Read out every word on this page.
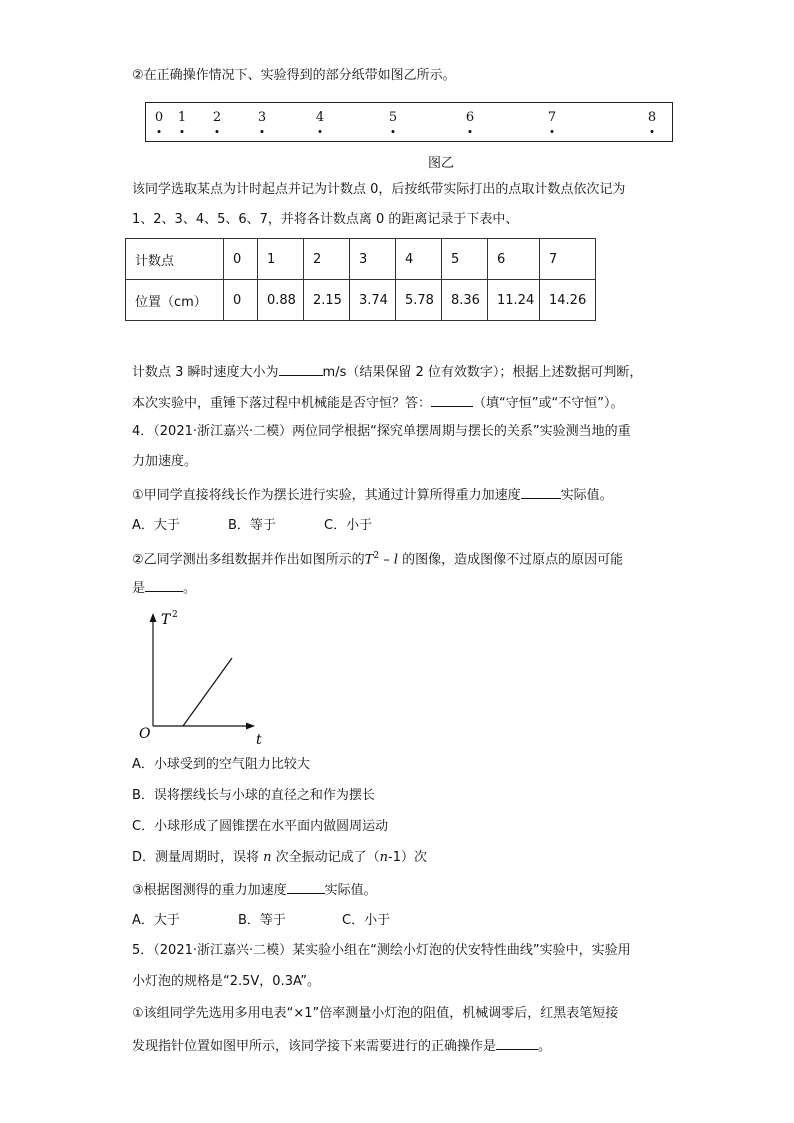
②在正确操作情况下、实验得到的部分纸带如图乙所示。
0 1 2	3	4	5	6	7	8
图乙
该同学选取某点为计时起点并记为计数点 0，后按纸带实际打出的点取计数点依次记为
1、2、3、4、5、6、7，并将各计数点离 0 的距离记录于下表中、
计数点	0	1	2	3	4	5	6	7
位置（cm）	0	0.88	2.15	3.74	5.78	8.36	11.24	14.26
计数点 3 瞬时速度大小为	m/s（结果保留 2 位有效数字）；根据上述数据可判断，
本次实验中，重锤下落过程中机械能是否守恒？答：	（填“守恒”或“不守恒”）。
4．（2021·浙江嘉兴·二模）两位同学根据“探究单摆周期与摆长的关系”实验测当地的重
力加速度。
①甲同学直接将线长作为摆长进行实验，其通过计算所得重力加速度	实际值。
A．大于	B．等于	C．小于
②乙同学测出多组数据并作出如图所示的$T^2$ – l 的图像，造成图像不过原点的原因可能
是	。
T 2
t
O
A．小球受到的空气阻力比较大
B．误将摆线长与小球的直径之和作为摆长
C．小球形成了圆锥摆在水平面内做圆周运动
D．测量周期时，误将 n 次全振动记成了（n-1）次
③根据图测得的重力加速度	实际值。
A．大于	B．等于	C．小于
5．（2021·浙江嘉兴·二模）某实验小组在“测绘小灯泡的伏安特性曲线”实验中，实验用
小灯泡的规格是“2.5V，0.3A”。
①该组同学先选用多用电表“×1”倍率测量小灯泡的阻值，机械调零后，红黑表笔短接
发现指针位置如图甲所示，该同学接下来需要进行的正确操作是	。
